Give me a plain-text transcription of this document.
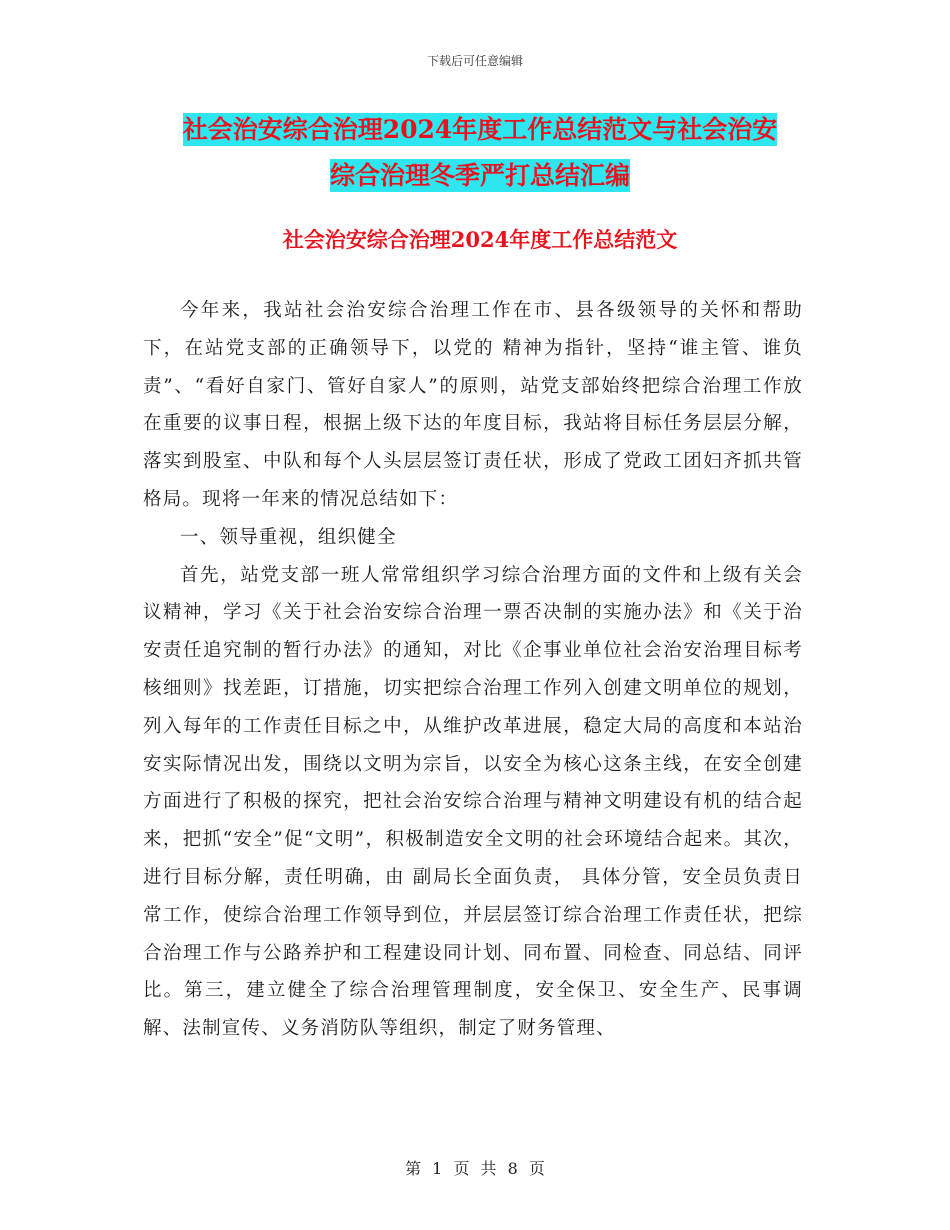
下载后可任意编辑
社会治安综合治理2024年度工作总结范文与社会治安
综合治理冬季严打总结汇编
社会治安综合治理2024年度工作总结范文

今年来，我站社会治安综合治理工作在市、县各级领导的关怀和帮助下，在站党支部的正确领导下，以党的 精神为指针，坚持“谁主管、谁负责”、“看好自家门、管好自家人”的原则，站党支部始终把综合治理工作放在重要的议事日程，根据上级下达的年度目标，我站将目标任务层层分解，落实到股室、中队和每个人头层层签订责任状，形成了党政工团妇齐抓共管格局。现将一年来的情况总结如下：

一、领导重视，组织健全

首先，站党支部一班人常常组织学习综合治理方面的文件和上级有关会议精神，学习《关于社会治安综合治理一票否决制的实施办法》和《关于治安责任追究制的暂行办法》的通知，对比《企事业单位社会治安治理目标考核细则》找差距，订措施，切实把综合治理工作列入创建文明单位的规划，列入每年的工作责任目标之中，从维护改革进展，稳定大局的高度和本站治安实际情况出发，围绕以文明为宗旨，以安全为核心这条主线，在安全创建方面进行了积极的探究，把社会治安综合治理与精神文明建设有机的结合起来，把抓“安全”促“文明”，积极制造安全文明的社会环境结合起来。其次，进行目标分解，责任明确，由 副局长全面负责， 具体分管，安全员负责日常工作，使综合治理工作领导到位，并层层签订综合治理工作责任状，把综合治理工作与公路养护和工程建设同计划、同布置、同检查、同总结、同评比。第三，建立健全了综合治理管理制度，安全保卫、安全生产、民事调解、法制宣传、义务消防队等组织，制定了财务管理、

第 1 页 共 8 页
